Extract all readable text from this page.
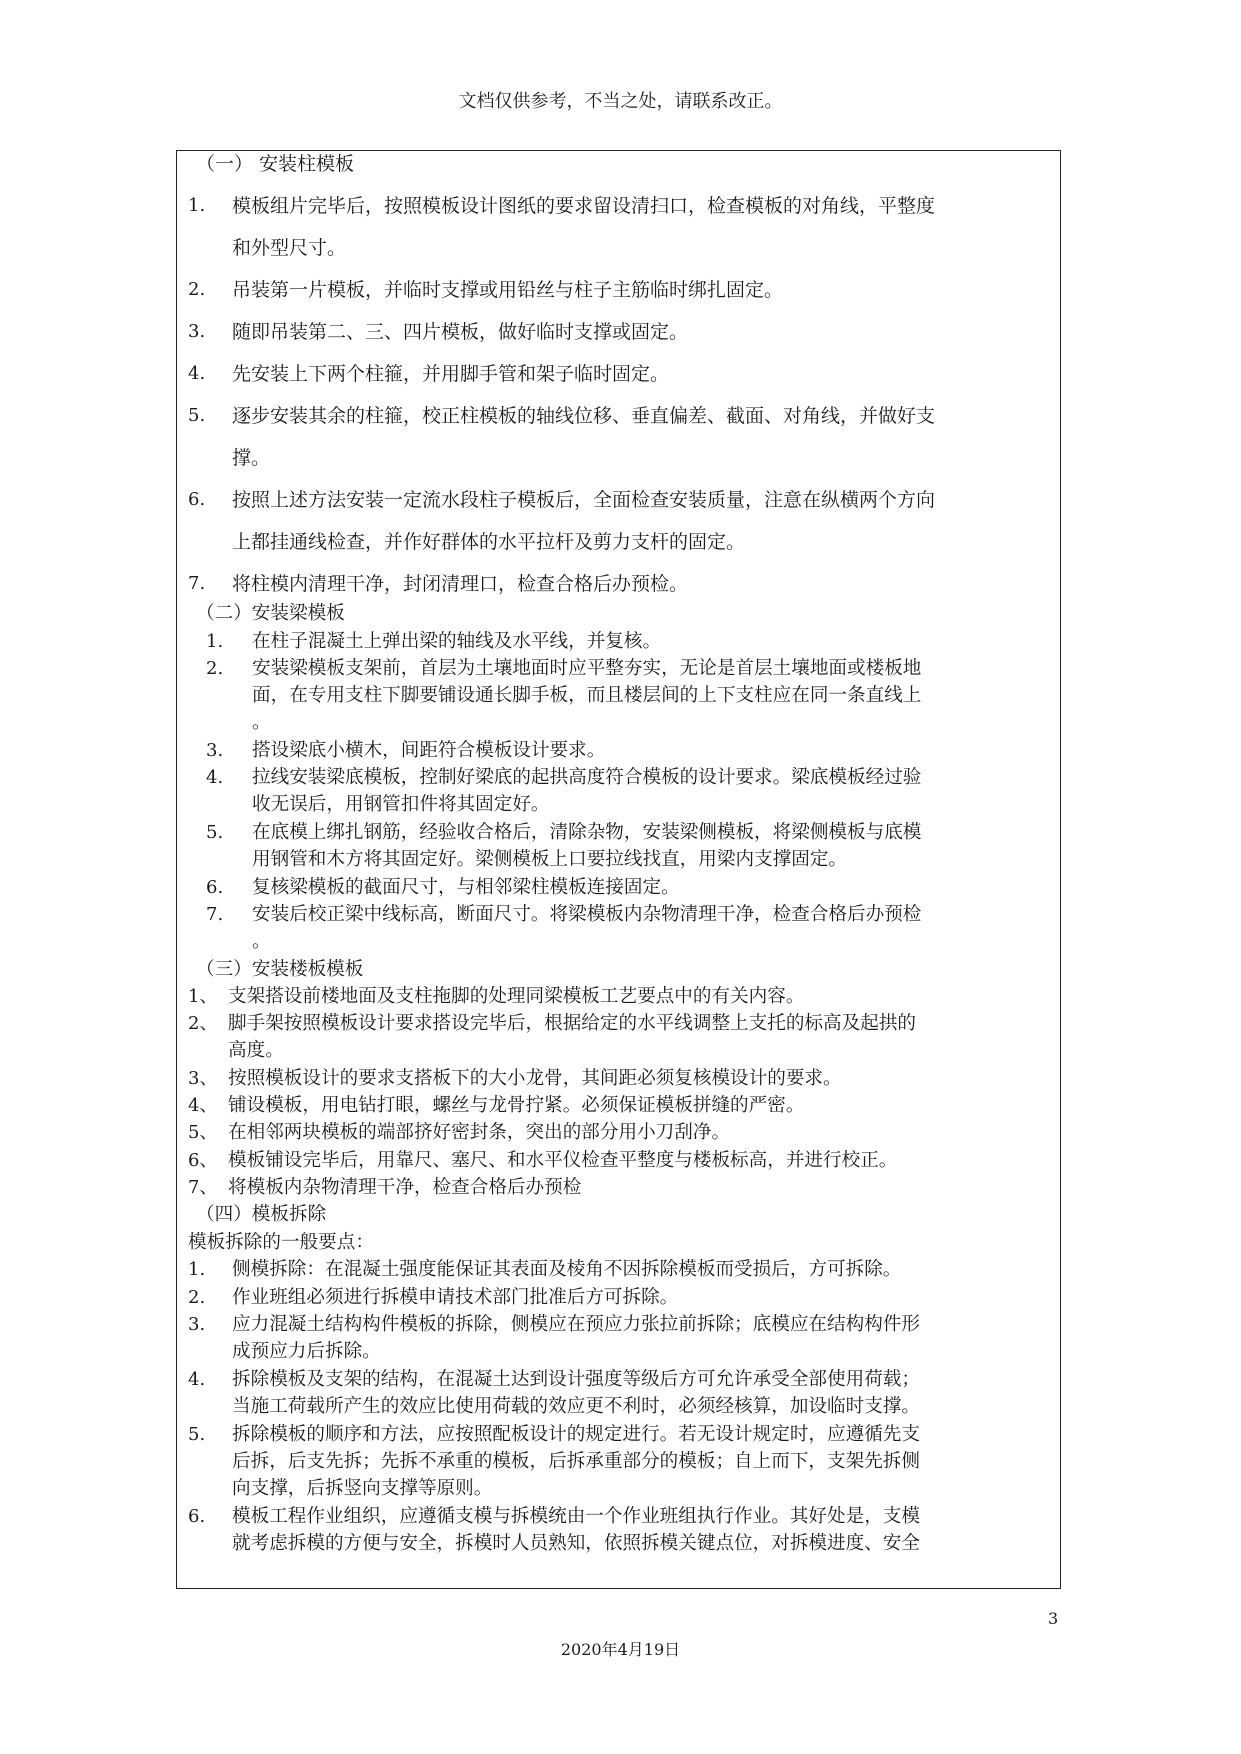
文档仅供参考，不当之处，请联系改正。
（一） 安装柱模板
1. 模板组片完毕后，按照模板设计图纸的要求留设清扫口，检查模板的对角线，平整度
和外型尺寸。
2. 吊装第一片模板，并临时支撑或用铅丝与柱子主筋临时绑扎固定。
3. 随即吊装第二、三、四片模板，做好临时支撑或固定。
4. 先安装上下两个柱箍，并用脚手管和架子临时固定。
5. 逐步安装其余的柱箍，校正柱模板的轴线位移、垂直偏差、截面、对角线，并做好支
撑。
6. 按照上述方法安装一定流水段柱子模板后，全面检查安装质量，注意在纵横两个方向
上都挂通线检查，并作好群体的水平拉杆及剪力支杆的固定。
7. 将柱模内清理干净，封闭清理口，检查合格后办预检。
（二）安装梁模板
1. 在柱子混凝土上弹出梁的轴线及水平线，并复核。
2. 安装梁模板支架前，首层为土壤地面时应平整夯实，无论是首层土壤地面或楼板地
面，在专用支柱下脚要铺设通长脚手板，而且楼层间的上下支柱应在同一条直线上
。
3. 搭设梁底小横木，间距符合模板设计要求。
4. 拉线安装梁底模板，控制好梁底的起拱高度符合模板的设计要求。梁底模板经过验
收无误后，用钢管扣件将其固定好。
5. 在底模上绑扎钢筋，经验收合格后，清除杂物，安装梁侧模板，将梁侧模板与底模
用钢管和木方将其固定好。梁侧模板上口要拉线找直，用梁内支撑固定。
6. 复核梁模板的截面尺寸，与相邻梁柱模板连接固定。
7. 安装后校正梁中线标高，断面尺寸。将梁模板内杂物清理干净，检查合格后办预检
。
（三）安装楼板模板
1、 支架搭设前楼地面及支柱拖脚的处理同梁模板工艺要点中的有关内容。
2、 脚手架按照模板设计要求搭设完毕后，根据给定的水平线调整上支托的标高及起拱的
高度。
3、 按照模板设计的要求支搭板下的大小龙骨，其间距必须复核模设计的要求。
4、 铺设模板，用电钻打眼，螺丝与龙骨拧紧。必须保证模板拼缝的严密。
5、 在相邻两块模板的端部挤好密封条，突出的部分用小刀刮净。
6、 模板铺设完毕后，用靠尺、塞尺、和水平仪检查平整度与楼板标高，并进行校正。
7、 将模板内杂物清理干净，检查合格后办预检
（四）模板拆除
模板拆除的一般要点：
1. 侧模拆除：在混凝土强度能保证其表面及棱角不因拆除模板而受损后，方可拆除。
2. 作业班组必须进行拆模申请技术部门批准后方可拆除。
3. 应力混凝土结构构件模板的拆除，侧模应在预应力张拉前拆除；底模应在结构构件形
成预应力后拆除。
4. 拆除模板及支架的结构，在混凝土达到设计强度等级后方可允许承受全部使用荷载；
当施工荷载所产生的效应比使用荷载的效应更不利时，必须经核算，加设临时支撑。
5. 拆除模板的顺序和方法，应按照配板设计的规定进行。若无设计规定时，应遵循先支
后拆，后支先拆；先拆不承重的模板，后拆承重部分的模板；自上而下，支架先拆侧
向支撑，后拆竖向支撑等原则。
6. 模板工程作业组织，应遵循支模与拆模统由一个作业班组执行作业。其好处是，支模
就考虑拆模的方便与安全，拆模时人员熟知，依照拆模关键点位，对拆模进度、安全
3
2020年4月19日
